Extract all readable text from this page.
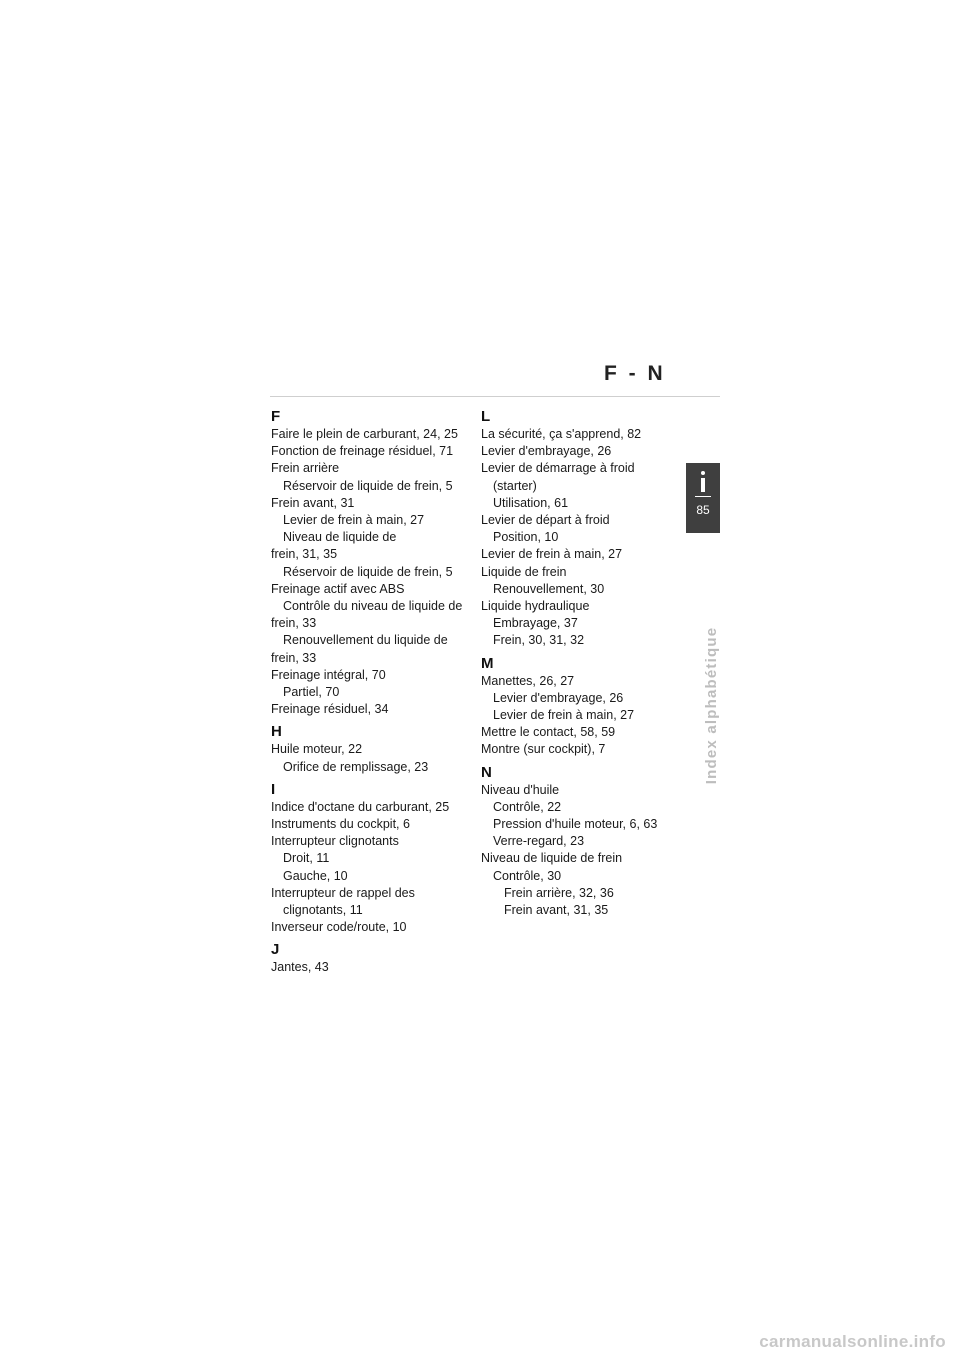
F - N
85
Index alphabétique
F
Faire le plein de carburant, 24, 25
Fonction de freinage résiduel, 71
Frein arrière
Réservoir de liquide de frein, 5
Frein avant, 31
Levier de frein à main, 27
Niveau de liquide de
frein, 31, 35
Réservoir de liquide de frein, 5
Freinage actif avec ABS
Contrôle du niveau de liquide de
frein, 33
Renouvellement du liquide de
frein, 33
Freinage intégral, 70
Partiel, 70
Freinage résiduel, 34
H
Huile moteur, 22
Orifice de remplissage, 23
I
Indice d'octane du carburant, 25
Instruments du cockpit, 6
Interrupteur clignotants
Droit, 11
Gauche, 10
Interrupteur de rappel des
clignotants, 11
Inverseur code/route, 10
J
Jantes, 43
L
La sécurité, ça s'apprend, 82
Levier d'embrayage, 26
Levier de démarrage à froid
(starter)
Utilisation, 61
Levier de départ à froid
Position, 10
Levier de frein à main, 27
Liquide de frein
Renouvellement, 30
Liquide hydraulique
Embrayage, 37
Frein, 30, 31, 32
M
Manettes, 26, 27
Levier d'embrayage, 26
Levier de frein à main, 27
Mettre le contact, 58, 59
Montre (sur cockpit), 7
N
Niveau d'huile
Contrôle, 22
Pression d'huile moteur, 6, 63
Verre-regard, 23
Niveau de liquide de frein
Contrôle, 30
Frein arrière, 32, 36
Frein avant, 31, 35
carmanualsonline.info
